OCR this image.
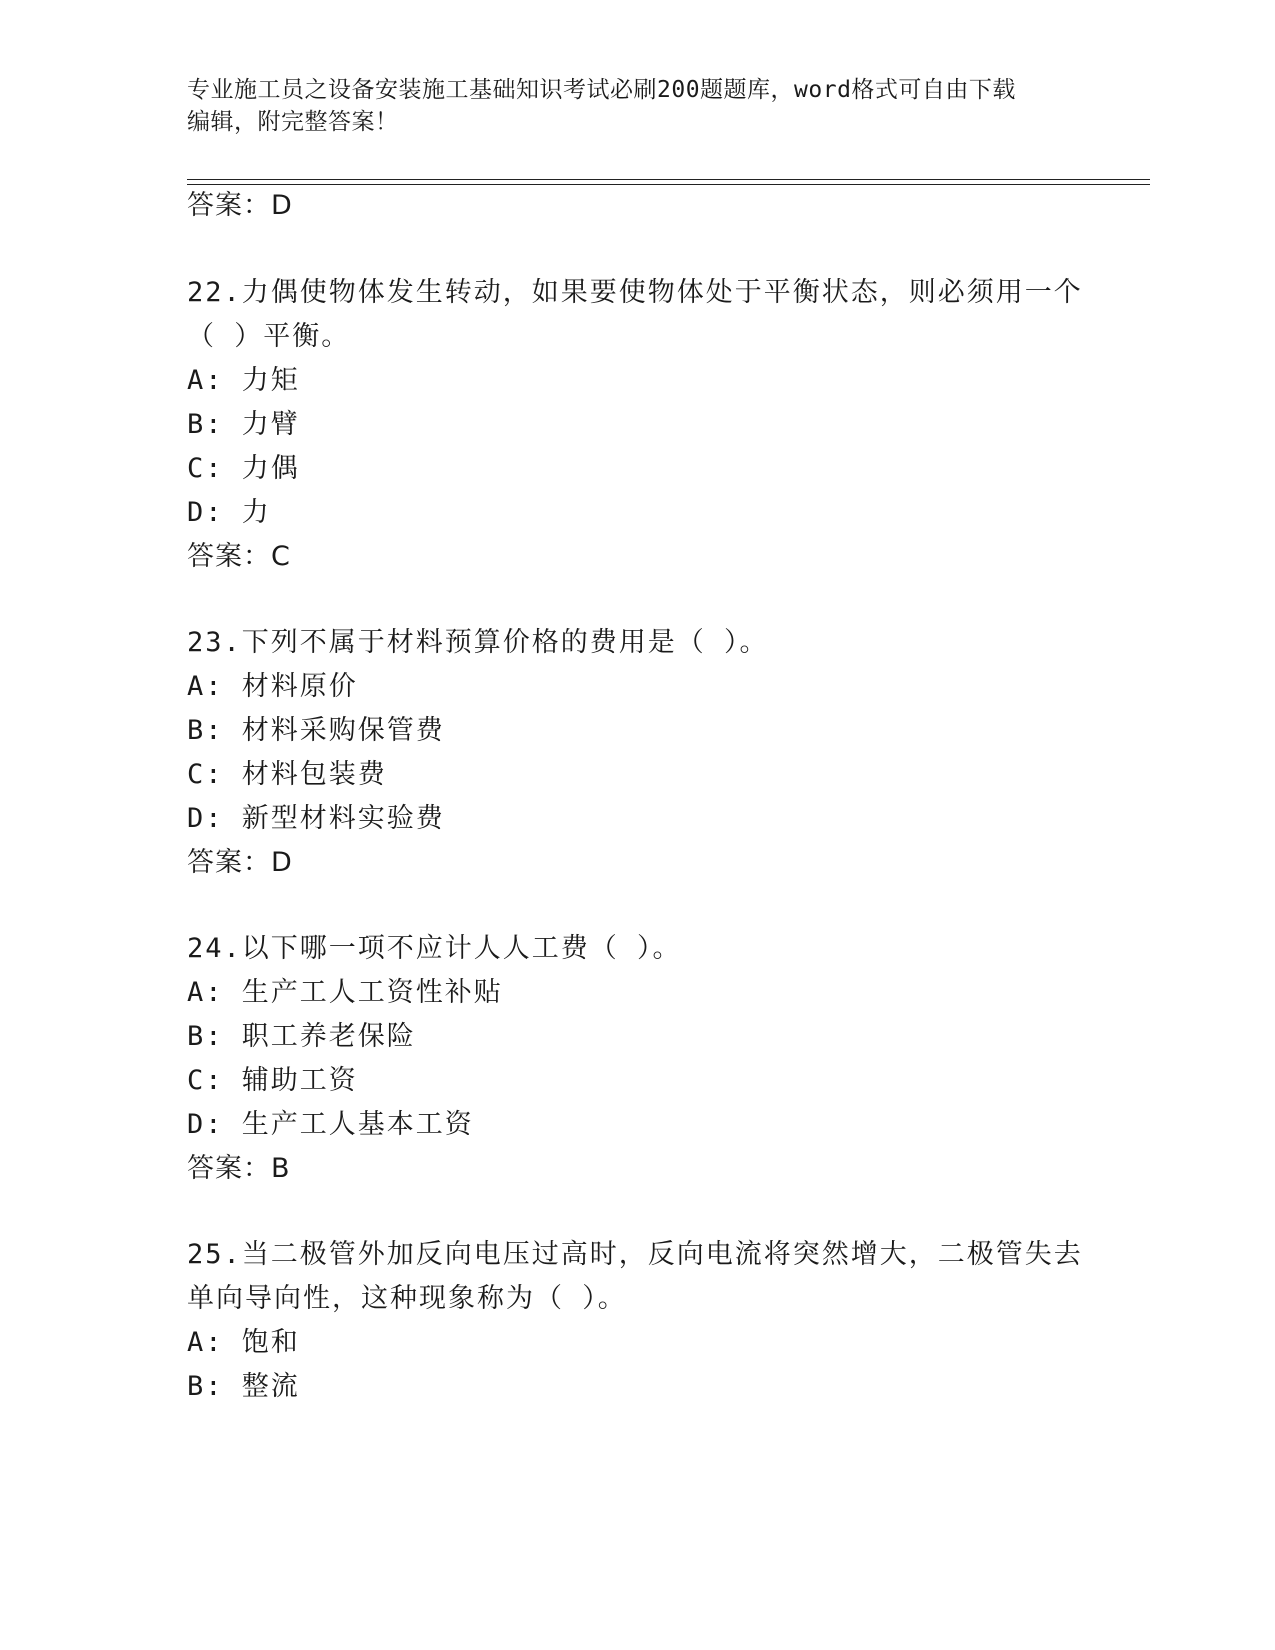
专业施工员之设备安装施工基础知识考试必刷200题题库，word格式可自由下载
编辑，附完整答案！
答案：D
22.力偶使物体发生转动，如果要使物体处于平衡状态，则必须用一个
（ ）平衡。
A: 力矩
B: 力臂
C: 力偶
D: 力
答案：C
23.下列不属于材料预算价格的费用是（ ）。
A: 材料原价
B: 材料采购保管费
C: 材料包装费
D: 新型材料实验费
答案：D
24.以下哪一项不应计人人工费（ ）。
A: 生产工人工资性补贴
B: 职工养老保险
C: 辅助工资
D: 生产工人基本工资
答案：B
25.当二极管外加反向电压过高时，反向电流将突然增大，二极管失去
单向导向性，这种现象称为（ ）。
A: 饱和
B: 整流
